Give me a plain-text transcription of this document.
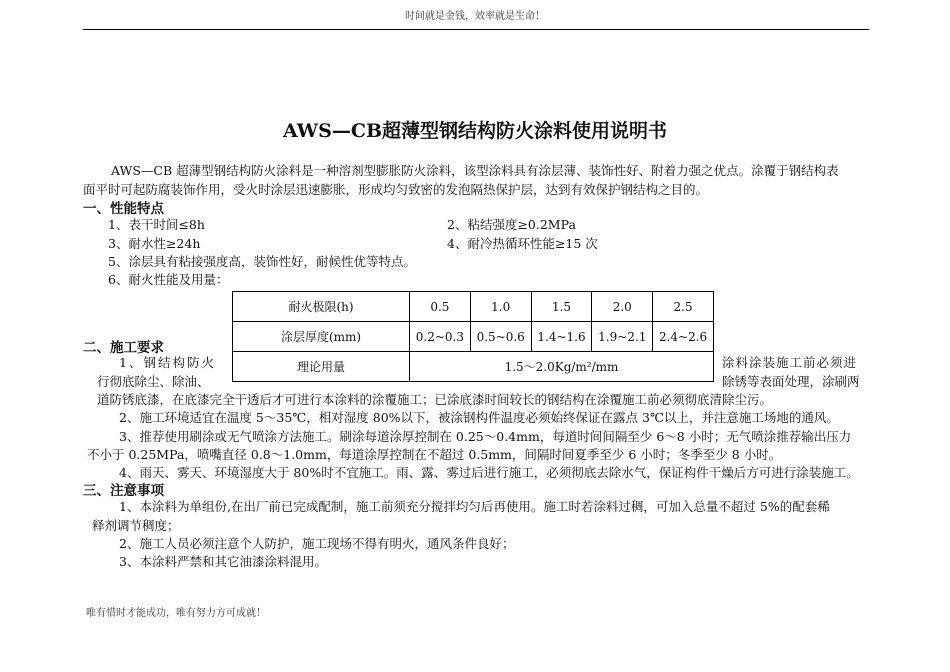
时间就是金钱，效率就是生命！
AWS—CB超薄型钢结构防火涂料使用说明书
AWS—CB 超薄型钢结构防火涂料是一种溶剂型膨胀防火涂料，该型涂料具有涂层薄、装饰性好、附着力强之优点。涂覆于钢结构表
面平时可起防腐装饰作用，受火时涂层迅速膨胀，形成均匀致密的发泡隔热保护层，达到有效保护钢结构之目的。
一、性能特点
1、表干时间≤8h	2、粘结强度≥0.2MPa
3、耐水性≥24h	4、耐冷热循环性能≥15 次
5、涂层具有粘接强度高，装饰性好，耐候性优等特点。
6、耐火性能及用量：
耐火极限(h)	0.5	1.0	1.5	2.0	2.5
涂层厚度(mm)	0.2~0.3	0.5~0.6	1.4~1.6	1.9~2.1	2.4~2.6
理论用量	1.5～2.0Kg/m²/mm				
二、施工要求
1、钢结构防火	涂料涂装施工前必须进
行彻底除尘、除油、	除锈等表面处理，涂刷两
道防锈底漆，在底漆完全干透后才可进行本涂料的涂覆施工；已涂底漆时间较长的钢结构在涂覆施工前必须彻底清除尘污。
2、施工环境适宜在温度 5～35℃，相对湿度 80%以下，被涂钢构件温度必须始终保证在露点 3℃以上，并注意施工场地的通风。
3、推荐使用刷涂或无气喷涂方法施工。刷涂每道涂厚控制在 0.25～0.4mm，每道时间间隔至少 6～8 小时；无气喷涂推荐输出压力
不小于 0.25MPa，喷嘴直径 0.8～1.0mm，每道涂厚控制在不超过 0.5mm，间隔时间夏季至少 6 小时；冬季至少 8 小时。
4、雨天、雾天、环境湿度大于 80%时不宜施工。雨、露、雾过后进行施工，必须彻底去除水气，保证构件干燥后方可进行涂装施工。
三、注意事项
1、本涂料为单组份,在出厂前已完成配制，施工前须充分搅拌均匀后再使用。施工时若涂料过稠，可加入总量不超过 5%的配套稀
释剂调节稠度；
2、施工人员必须注意个人防护，施工现场不得有明火，通风条件良好；
3、本涂料严禁和其它油漆涂料混用。
唯有惜时才能成功，唯有努力方可成就！
